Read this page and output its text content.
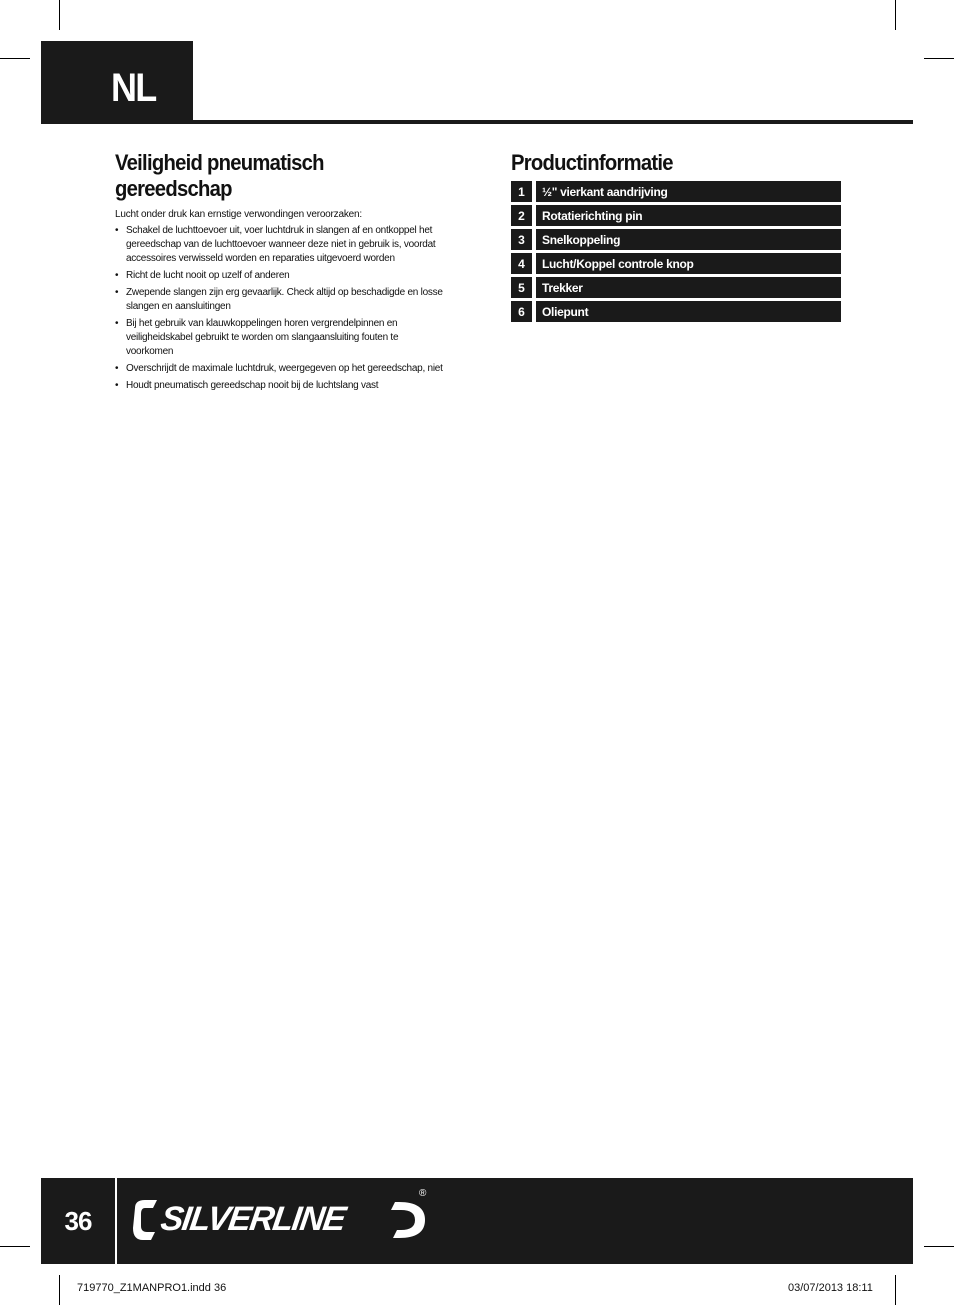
NL
Veiligheid pneumatisch gereedschap
Lucht onder druk kan ernstige verwondingen veroorzaken:
• Schakel de luchttoevoer uit, voer luchtdruk in slangen af en ontkoppel het gereedschap van de luchttoevoer wanneer deze niet in gebruik is, voordat accessoires verwisseld worden en reparaties uitgevoerd worden
• Richt de lucht nooit op uzelf of anderen
• Zwepende slangen zijn erg gevaarlijk. Check altijd op beschadigde en losse slangen en aansluitingen
• Bij het gebruik van klauwkoppelingen horen vergrendelpinnen en veiligheidskabel gebruikt te worden om slangaansluiting fouten te voorkomen
• Overschrijdt de maximale luchtdruk, weergegeven op het gereedschap, niet
• Houdt pneumatisch gereedschap nooit bij de luchtslang vast
Productinformatie
1	½" vierkant aandrijving
2	Rotatierichting pin
3	Snelkoppeling
4	Lucht/Koppel controle knop
5	Trekker
6	Oliepunt
36	SILVERLINE
®
719770_Z1MANPRO1.indd 36	03/07/2013 18:11
